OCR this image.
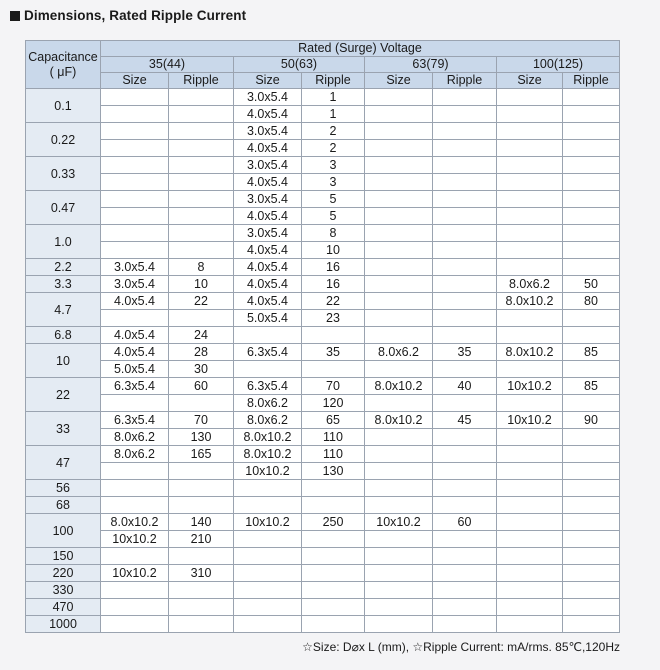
Dimensions, Rated Ripple Current
Capacitance
( μF)	Rated (Surge) Voltage							
	35(44)		50(63)		63(79)		100(125)	
	Size	Ripple	Size	Ripple	Size	Ripple	Size	Ripple
0.1			3.0x5.4	1				
			4.0x5.4	1				
0.22			3.0x5.4	2				
			4.0x5.4	2				
0.33			3.0x5.4	3				
			4.0x5.4	3				
0.47			3.0x5.4	5				
			4.0x5.4	5				
1.0			3.0x5.4	8				
			4.0x5.4	10				
2.2	3.0x5.4	8	4.0x5.4	16				
3.3	3.0x5.4	10	4.0x5.4	16			8.0x6.2	50
4.7	4.0x5.4	22	4.0x5.4	22			8.0x10.2	80
			5.0x5.4	23				
6.8	4.0x5.4	24						
10	4.0x5.4	28	6.3x5.4	35	8.0x6.2	35	8.0x10.2	85
	5.0x5.4	30						
22	6.3x5.4	60	6.3x5.4	70	8.0x10.2	40	10x10.2	85
			8.0x6.2	120				
33	6.3x5.4	70	8.0x6.2	65	8.0x10.2	45	10x10.2	90
	8.0x6.2	130	8.0x10.2	110				
47	8.0x6.2	165	8.0x10.2	110				
			10x10.2	130				
56								
68								
100	8.0x10.2	140	10x10.2	250	10x10.2	60		
	10x10.2	210						
150								
220	10x10.2	310						
330								
470								
1000								
☆Size: D⌀x L (mm), ☆Ripple Current: mA/rms. 85℃,120Hz
